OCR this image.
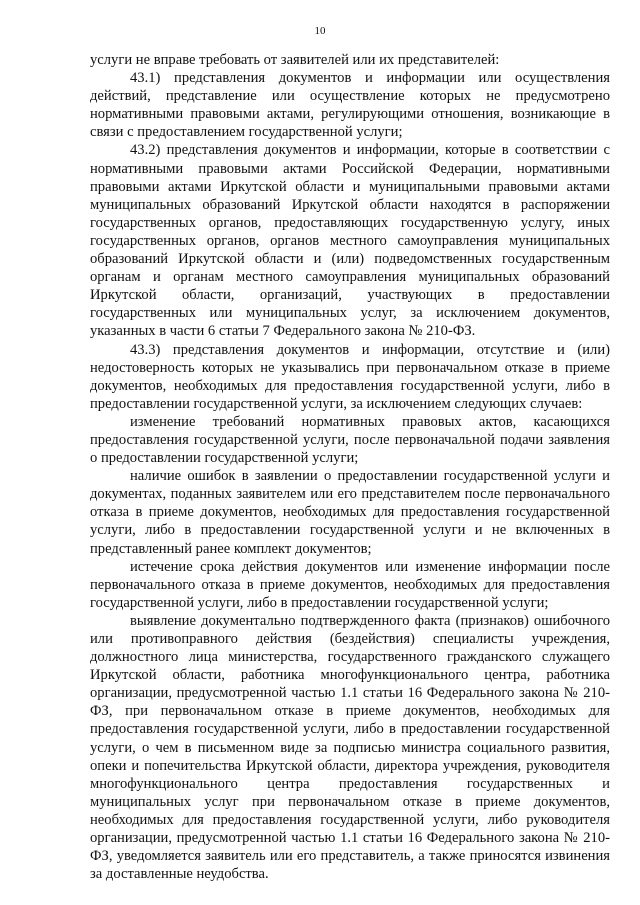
10

услуги не вправе требовать от заявителей или их представителей:

43.1) представления документов и информации или осуществления действий, представление или осуществление которых не предусмотрено нормативными правовыми актами, регулирующими отношения, возникающие в связи с предоставлением государственной услуги;

43.2) представления документов и информации, которые в соответствии с нормативными правовыми актами Российской Федерации, нормативными правовыми актами Иркутской области и муниципальными правовыми актами муниципальных образований Иркутской области находятся в распоряжении государственных органов, предоставляющих государственную услугу, иных государственных органов, органов местного самоуправления муниципальных образований Иркутской области и (или) подведомственных государственным органам и органам местного самоуправления муниципальных образований Иркутской области, организаций, участвующих в предоставлении государственных или муниципальных услуг, за исключением документов, указанных в части 6 статьи 7 Федерального закона № 210-ФЗ.

43.3) представления документов и информации, отсутствие и (или) недостоверность которых не указывались при первоначальном отказе в приеме документов, необходимых для предоставления государственной услуги, либо в предоставлении государственной услуги, за исключением следующих случаев:

изменение требований нормативных правовых актов, касающихся предоставления государственной услуги, после первоначальной подачи заявления о предоставлении государственной услуги;

наличие ошибок в заявлении о предоставлении государственной услуги и документах, поданных заявителем или его представителем после первоначального отказа в приеме документов, необходимых для предоставления государственной услуги, либо в предоставлении государственной услуги и не включенных в представленный ранее комплект документов;

истечение срока действия документов или изменение информации после первоначального отказа в приеме документов, необходимых для предоставления государственной услуги, либо в предоставлении государственной услуги;

выявление документально подтвержденного факта (признаков) ошибочного или противоправного действия (бездействия) специалисты учреждения, должностного лица министерства, государственного гражданского служащего Иркутской области, работника многофункционального центра, работника организации, предусмотренной частью 1.1 статьи 16 Федерального закона № 210-ФЗ, при первоначальном отказе в приеме документов, необходимых для предоставления государственной услуги, либо в предоставлении государственной услуги, о чем в письменном виде за подписью министра социального развития, опеки и попечительства Иркутской области, директора учреждения, руководителя многофункционального центра предоставления государственных и муниципальных услуг при первоначальном отказе в приеме документов, необходимых для предоставления государственной услуги, либо руководителя организации, предусмотренной частью 1.1 статьи 16 Федерального закона № 210-ФЗ, уведомляется заявитель или его представитель, а также приносятся извинения за доставленные неудобства.
